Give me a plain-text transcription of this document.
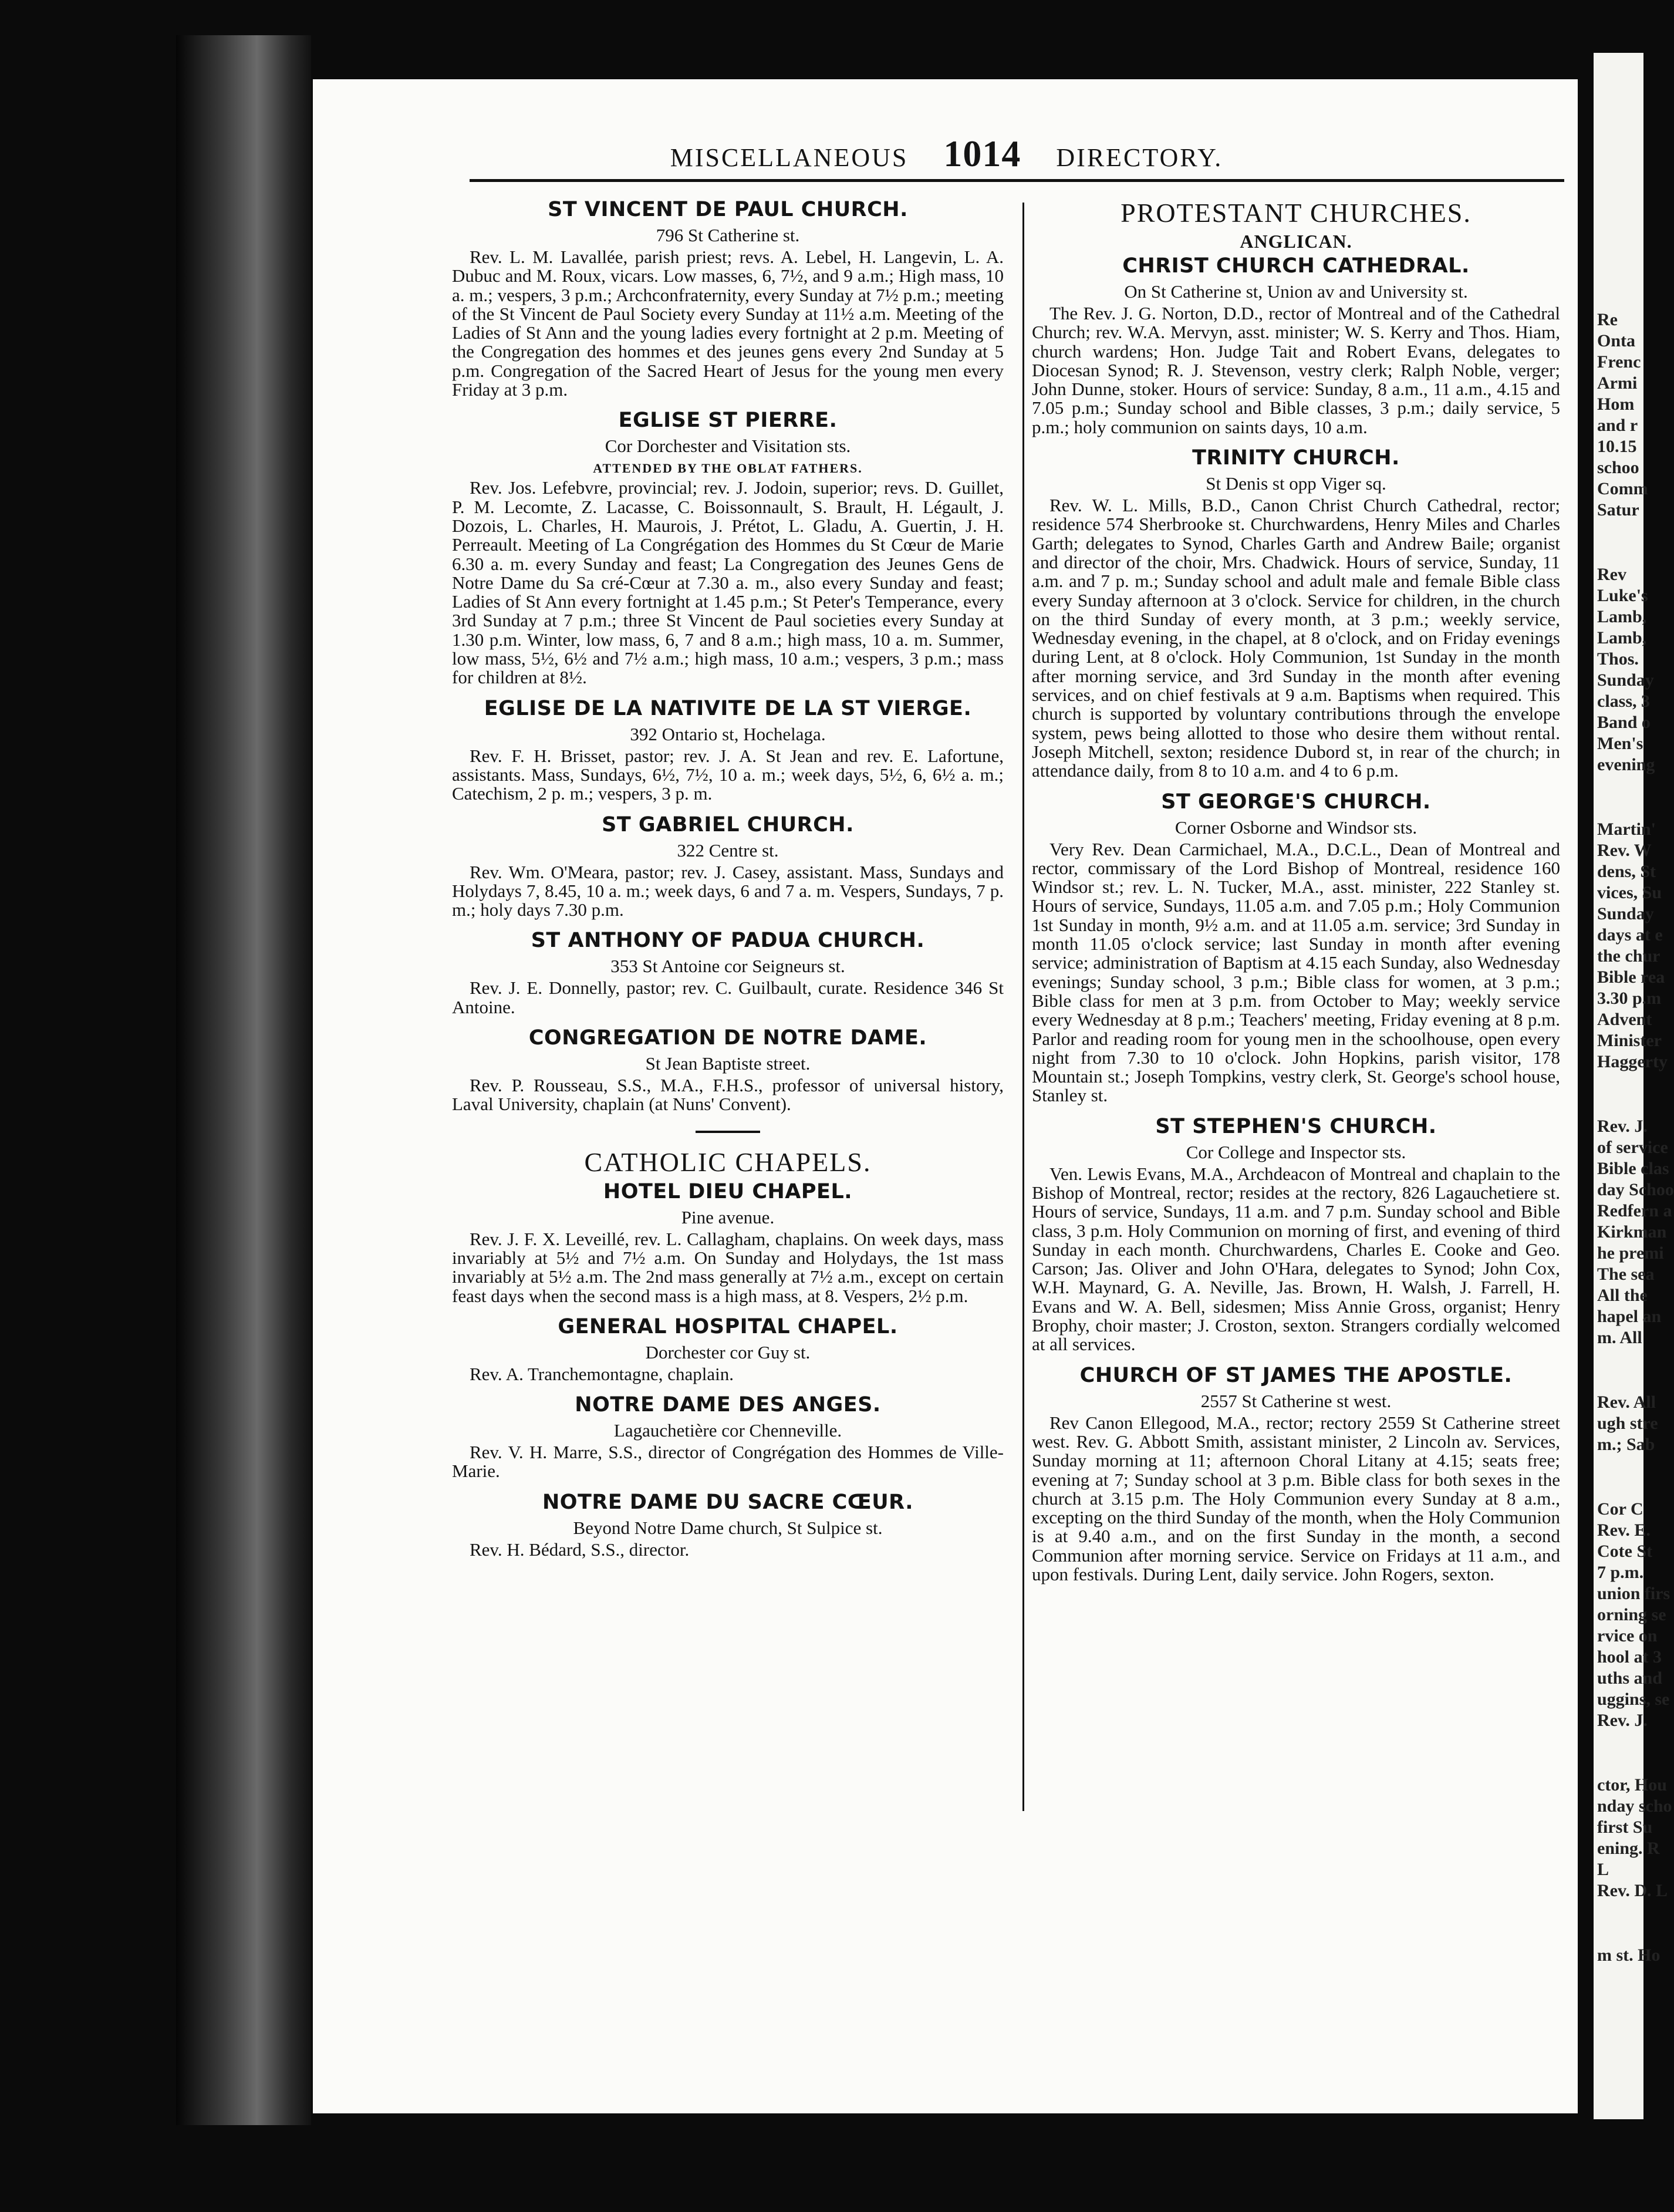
Re
Onta
Frenc
Armi
Hom
and r
10.15
schoo
Comm
Satur
Rev
Luke's
Lamb,
Lamb,
Thos.
Sunday
class, 3
Band o
Men's
evening
Martin'
Rev. W
dens, St
vices, Su
Sunday
days at e
the chur
Bible rea
3.30 p.m
Advent
Minister
Haggerty
Rev. J.
of service
Bible clas
day Schoo
Redfern a
Kirkman
he premi
The sea
All the
hapel an
m. All
Rev. All
ugh stre
m.; Sab
Cor C
Rev. E.
Cote St
7 p.m.
union firs
orning se
rvice on
hool at 3
uths and
uggins, se
Rev. J.
ctor, Hou
nday scho
first Su
ening. R
L
Rev. D. L
m st. Ho
MISCELLANEOUS 1014 DIRECTORY.
ST VINCENT DE PAUL CHURCH.

796 St Catherine st.

Rev. L. M. Lavallée, parish priest; revs. A. Lebel, H. Langevin, L. A. Dubuc and M. Roux, vicars. Low masses, 6, 7½, and 9 a.m.; High mass, 10 a. m.; vespers, 3 p.m.; Archconfraternity, every Sunday at 7½ p.m.; meeting of the St Vincent de Paul Society every Sunday at 11½ a.m. Meeting of the Ladies of St Ann and the young ladies every fortnight at 2 p.m. Meeting of the Congregation des hommes et des jeunes gens every 2nd Sunday at 5 p.m. Congregation of the Sacred Heart of Jesus for the young men every Friday at 3 p.m.

EGLISE ST PIERRE.

Cor Dorchester and Visitation sts.

ATTENDED BY THE OBLAT FATHERS.

Rev. Jos. Lefebvre, provincial; rev. J. Jodoin, superior; revs. D. Guillet, P. M. Lecomte, Z. Lacasse, C. Boissonnault, S. Brault, H. Légault, J. Dozois, L. Charles, H. Maurois, J. Prétot, L. Gladu, A. Guertin, J. H. Perreault. Meeting of La Congrégation des Hommes du St Cœur de Marie 6.30 a. m. every Sunday and feast; La Congregation des Jeunes Gens de Notre Dame du Sa cré-Cœur at 7.30 a. m., also every Sunday and feast; Ladies of St Ann every fortnight at 1.45 p.m.; St Peter's Temperance, every 3rd Sunday at 7 p.m.; three St Vincent de Paul societies every Sunday at 1.30 p.m. Winter, low mass, 6, 7 and 8 a.m.; high mass, 10 a. m. Summer, low mass, 5½, 6½ and 7½ a.m.; high mass, 10 a.m.; vespers, 3 p.m.; mass for children at 8½.

EGLISE DE LA NATIVITE DE LA ST VIERGE.

392 Ontario st, Hochelaga.

Rev. F. H. Brisset, pastor; rev. J. A. St Jean and rev. E. Lafortune, assistants. Mass, Sundays, 6½, 7½, 10 a. m.; week days, 5½, 6, 6½ a. m.; Catechism, 2 p. m.; vespers, 3 p. m.

ST GABRIEL CHURCH.

322 Centre st.

Rev. Wm. O'Meara, pastor; rev. J. Casey, assistant. Mass, Sundays and Holydays 7, 8.45, 10 a. m.; week days, 6 and 7 a. m. Vespers, Sundays, 7 p. m.; holy days 7.30 p.m.

ST ANTHONY OF PADUA CHURCH.

353 St Antoine cor Seigneurs st.

Rev. J. E. Donnelly, pastor; rev. C. Guilbault, curate. Residence 346 St Antoine.

CONGREGATION DE NOTRE DAME.

St Jean Baptiste street.

Rev. P. Rousseau, S.S., M.A., F.H.S., professor of universal history, Laval University, chaplain (at Nuns' Convent).

CATHOLIC CHAPELS.
HOTEL DIEU CHAPEL.

Pine avenue.

Rev. J. F. X. Leveillé, rev. L. Callagham, chaplains. On week days, mass invariably at 5½ and 7½ a.m. On Sunday and Holydays, the 1st mass invariably at 5½ a.m. The 2nd mass generally at 7½ a.m., except on certain feast days when the second mass is a high mass, at 8. Vespers, 2½ p.m.

GENERAL HOSPITAL CHAPEL.

Dorchester cor Guy st.

Rev. A. Tranchemontagne, chaplain.

NOTRE DAME DES ANGES.

Lagauchetière cor Chenneville.

Rev. V. H. Marre, S.S., director of Congrégation des Hommes de Ville-Marie.

NOTRE DAME DU SACRE CŒUR.

Beyond Notre Dame church, St Sulpice st.

Rev. H. Bédard, S.S., director.

PROTESTANT CHURCHES.
ANGLICAN.
CHRIST CHURCH CATHEDRAL.

On St Catherine st, Union av and University st.

The Rev. J. G. Norton, D.D., rector of Montreal and of the Cathedral Church; rev. W.A. Mervyn, asst. minister; W. S. Kerry and Thos. Hiam, church wardens; Hon. Judge Tait and Robert Evans, delegates to Diocesan Synod; R. J. Stevenson, vestry clerk; Ralph Noble, verger; John Dunne, stoker. Hours of service: Sunday, 8 a.m., 11 a.m., 4.15 and 7.05 p.m.; Sunday school and Bible classes, 3 p.m.; daily service, 5 p.m.; holy communion on saints days, 10 a.m.

TRINITY CHURCH.

St Denis st opp Viger sq.

Rev. W. L. Mills, B.D., Canon Christ Church Cathedral, rector; residence 574 Sherbrooke st. Churchwardens, Henry Miles and Charles Garth; delegates to Synod, Charles Garth and Andrew Baile; organist and director of the choir, Mrs. Chadwick. Hours of service, Sunday, 11 a.m. and 7 p. m.; Sunday school and adult male and female Bible class every Sunday afternoon at 3 o'clock. Service for children, in the church on the third Sunday of every month, at 3 p.m.; weekly service, Wednesday evening, in the chapel, at 8 o'clock, and on Friday evenings during Lent, at 8 o'clock. Holy Communion, 1st Sunday in the month after morning service, and 3rd Sunday in the month after evening services, and on chief festivals at 9 a.m. Baptisms when required. This church is supported by voluntary contributions through the envelope system, pews being allotted to those who desire them without rental. Joseph Mitchell, sexton; residence Dubord st, in rear of the church; in attendance daily, from 8 to 10 a.m. and 4 to 6 p.m.

ST GEORGE'S CHURCH.

Corner Osborne and Windsor sts.

Very Rev. Dean Carmichael, M.A., D.C.L., Dean of Montreal and rector, commissary of the Lord Bishop of Montreal, residence 160 Windsor st.; rev. L. N. Tucker, M.A., asst. minister, 222 Stanley st. Hours of service, Sundays, 11.05 a.m. and 7.05 p.m.; Holy Communion 1st Sunday in month, 9½ a.m. and at 11.05 a.m. service; 3rd Sunday in month 11.05 o'clock service; last Sunday in month after evening service; administration of Baptism at 4.15 each Sunday, also Wednesday evenings; Sunday school, 3 p.m.; Bible class for women, at 3 p.m.; Bible class for men at 3 p.m. from October to May; weekly service every Wednesday at 8 p.m.; Teachers' meeting, Friday evening at 8 p.m. Parlor and reading room for young men in the schoolhouse, open every night from 7.30 to 10 o'clock. John Hopkins, parish visitor, 178 Mountain st.; Joseph Tompkins, vestry clerk, St. George's school house, Stanley st.

ST STEPHEN'S CHURCH.

Cor College and Inspector sts.

Ven. Lewis Evans, M.A., Archdeacon of Montreal and chaplain to the Bishop of Montreal, rector; resides at the rectory, 826 Lagauchetiere st. Hours of service, Sundays, 11 a.m. and 7 p.m. Sunday school and Bible class, 3 p.m. Holy Communion on morning of first, and evening of third Sunday in each month. Churchwardens, Charles E. Cooke and Geo. Carson; Jas. Oliver and John O'Hara, delegates to Synod; John Cox, W.H. Maynard, G. A. Neville, Jas. Brown, H. Walsh, J. Farrell, H. Evans and W. A. Bell, sidesmen; Miss Annie Gross, organist; Henry Brophy, choir master; J. Croston, sexton. Strangers cordially welcomed at all services.

CHURCH OF ST JAMES THE APOSTLE.

2557 St Catherine st west.

Rev Canon Ellegood, M.A., rector; rectory 2559 St Catherine street west. Rev. G. Abbott Smith, assistant minister, 2 Lincoln av. Services, Sunday morning at 11; afternoon Choral Litany at 4.15; seats free; evening at 7; Sunday school at 3 p.m. Bible class for both sexes in the church at 3.15 p.m. The Holy Communion every Sunday at 8 a.m., excepting on the third Sunday of the month, when the Holy Communion is at 9.40 a.m., and on the first Sunday in the month, a second Communion after morning service. Service on Fridays at 11 a.m., and upon festivals. During Lent, daily service. John Rogers, sexton.
